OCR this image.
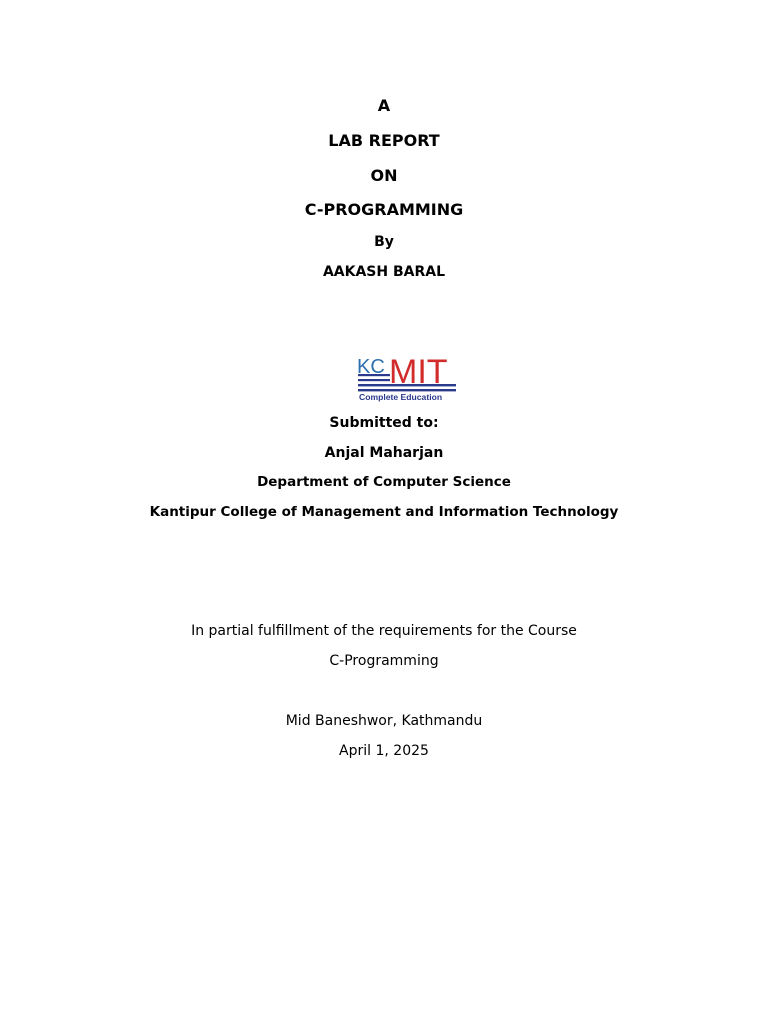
A

LAB REPORT

ON

C-PROGRAMMING

By

AAKASH BARAL

KC MIT
Complete Education

Submitted to:

Anjal Maharjan

Department of Computer Science

Kantipur College of Management and Information Technology

In partial fulfillment of the requirements for the Course

C-Programming

Mid Baneshwor, Kathmandu

April 1, 2025
